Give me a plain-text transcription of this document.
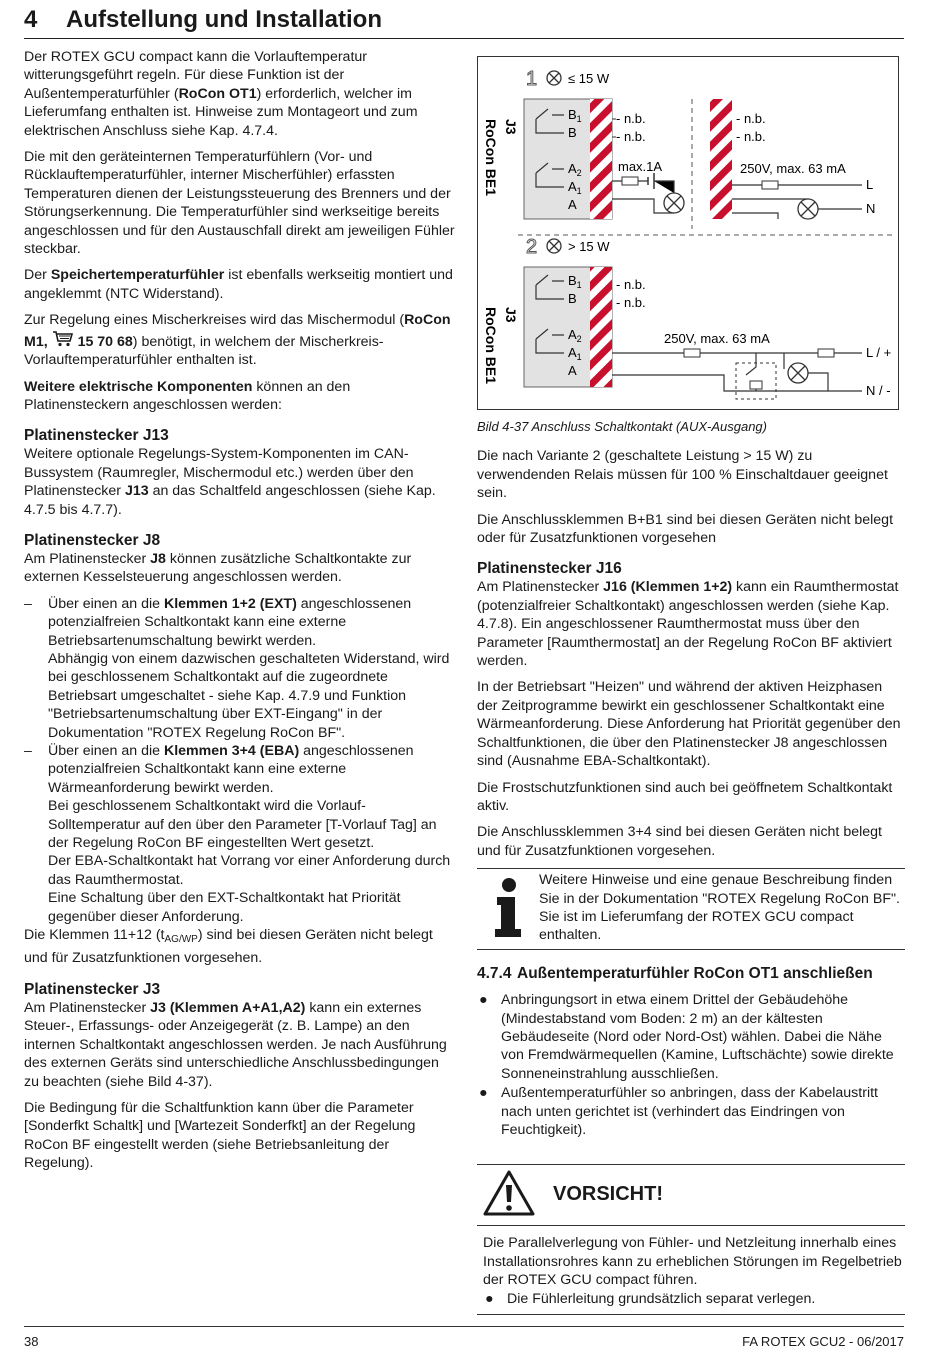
4 Aufstellung und Installation

Der ROTEX GCU compact kann die Vorlauftemperatur witterungsgeführt regeln. Für diese Funktion ist der Außentemperaturfühler (RoCon OT1) erforderlich, welcher im Lieferumfang enthalten ist. Hinweise zum Montageort und zum elektrischen Anschluss siehe Kap. 4.7.4.

Die mit den geräteinternen Temperaturfühlern (Vor- und Rücklauftemperaturfühler, interner Mischerfühler) erfassten Temperaturen dienen der Leistungssteuerung des Brenners und der Störungserkennung. Die Temperaturfühler sind werkseitige bereits angeschlossen und für den Austauschfall direkt am jeweiligen Fühler steckbar.

Der Speichertemperaturfühler ist ebenfalls werkseitig montiert und angeklemmt (NTC Widerstand).

Zur Regelung eines Mischerkreises wird das Mischermodul (RoCon M1, 15 70 68) benötigt, in welchem der Mischerkreis-Vorlauftemperaturfühler enthalten ist.

Weitere elektrische Komponenten können an den Platinensteckern angeschlossen werden:

Platinenstecker J13

Weitere optionale Regelungs-System-Komponenten im CAN-Bussystem (Raumregler, Mischermodul etc.) werden über den Platinenstecker J13 an das Schaltfeld angeschlossen (siehe Kap. 4.7.5 bis 4.7.7).

Platinenstecker J8

Am Platinenstecker J8 können zusätzliche Schaltkontakte zur externen Kesselsteuerung angeschlossen werden.

– Über einen an die Klemmen 1+2 (EXT) angeschlossenen potenzialfreien Schaltkontakt kann eine externe Betriebsartenumschaltung bewirkt werden.
Abhängig von einem dazwischen geschalteten Widerstand, wird bei geschlossenem Schaltkontakt auf die zugeordnete Betriebsart umgeschaltet - siehe Kap. 4.7.9 und Funktion "Betriebsartenumschaltung über EXT-Eingang" in der Dokumentation "ROTEX Regelung RoCon BF".
– Über einen an die Klemmen 3+4 (EBA) angeschlossenen potenzialfreien Schaltkontakt kann eine externe Wärmeanforderung bewirkt werden.
Bei geschlossenem Schaltkontakt wird die Vorlauf-Solltemperatur auf den über den Parameter [T-Vorlauf Tag] an der Regelung RoCon BF eingestellten Wert gesetzt.
Der EBA-Schaltkontakt hat Vorrang vor einer Anforderung durch das Raumthermostat.
Eine Schaltung über den EXT-Schaltkontakt hat Priorität gegenüber dieser Anforderung.

Die Klemmen 11+12 $(t_{AG/WP})$ sind bei diesen Geräten nicht belegt und für Zusatzfunktionen vorgesehen.

Platinenstecker J3

Am Platinenstecker J3 (Klemmen A+A1,A2) kann ein externes Steuer-, Erfassungs- oder Anzeigegerät (z. B. Lampe) an den internen Schaltkontakt angeschlossen werden. Je nach Ausführung des externen Geräts sind unterschiedliche Anschlussbedingungen zu beachten (siehe Bild 4-37).

Die Bedingung für die Schaltfunktion kann über die Parameter [Sonderfkt Schaltk] und [Wartezeit Sonderfkt] an der Regelung RoCon BF eingestellt werden (siehe Betriebsanleitung der Regelung).

J3
RoCon BE1
J3
RoCon BE1
1 ≤ 15 W
$B_1$
B
$A_2$
$A_1$
A
- n.b.
- n.b.
max.1A
- n.b.
- n.b.
250V, max. 63 mA
L
N
2 > 15 W
$B_1$
B
$A_2$
$A_1$
A
- n.b.
- n.b.
250V, max. 63 mA
L / +
N / -
Bild 4-37 Anschluss Schaltkontakt (AUX-Ausgang)

Die nach Variante 2 (geschaltete Leistung > 15 W) zu verwendenden Relais müssen für 100 % Einschaltdauer geeignet sein.

Die Anschlussklemmen B+B1 sind bei diesen Geräten nicht belegt oder für Zusatzfunktionen vorgesehen

Platinenstecker J16

Am Platinenstecker J16 (Klemmen 1+2) kann ein Raumthermostat (potenzialfreier Schaltkontakt) angeschlossen werden (siehe Kap. 4.7.8). Ein angeschlossener Raumthermostat muss über den Parameter [Raumthermostat] an der Regelung RoCon BF aktiviert werden.

In der Betriebsart "Heizen" und während der aktiven Heizphasen der Zeitprogramme bewirkt ein geschlossener Schaltkontakt eine Wärmeanforderung. Diese Anforderung hat Priorität gegenüber den Schaltfunktionen, die über den Platinenstecker J8 angeschlossen sind (Ausnahme EBA-Schaltkontakt).

Die Frostschutzfunktionen sind auch bei geöffnetem Schaltkontakt aktiv.

Die Anschlussklemmen 3+4 sind bei diesen Geräten nicht belegt und für Zusatzfunktionen vorgesehen.

Weitere Hinweise und eine genaue Beschreibung finden Sie in der Dokumentation "ROTEX Regelung RoCon BF". Sie ist im Lieferumfang der ROTEX GCU compact enthalten.
4.7.4 Außentemperaturfühler RoCon OT1 anschließen
● Anbringungsort in etwa einem Drittel der Gebäudehöhe (Mindestabstand vom Boden: 2 m) an der kältesten Gebäudeseite (Nord oder Nord-Ost) wählen. Dabei die Nähe von Fremdwärmequellen (Kamine, Luftschächte) sowie direkte Sonneneinstrahlung ausschließen.
● Außentemperaturfühler so anbringen, dass der Kabelaustritt nach unten gerichtet ist (verhindert das Eindringen von Feuchtigkeit).
VORSICHT!
Die Parallelverlegung von Fühler- und Netzleitung innerhalb eines Installationsrohres kann zu erheblichen Störungen im Regelbetrieb der ROTEX GCU compact führen.
● Die Fühlerleitung grundsätzlich separat verlegen.
38	FA ROTEX GCU2 - 06/2017
